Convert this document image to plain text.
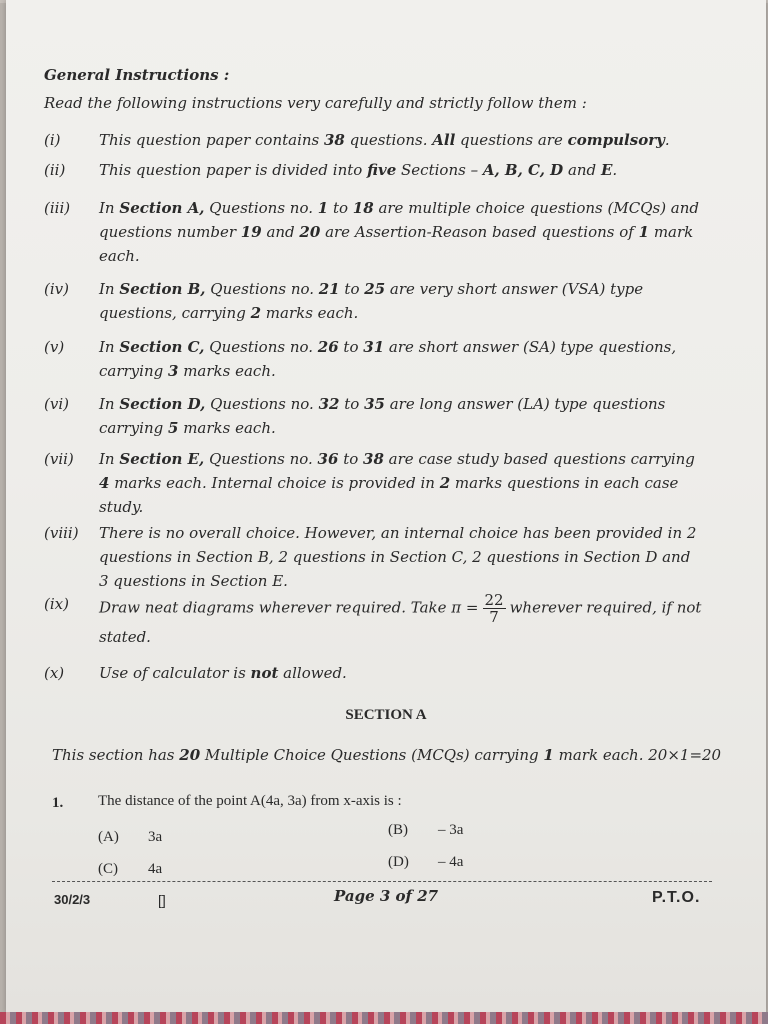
General Instructions :
Read the following instructions very carefully and strictly follow them :
(i)	This question paper contains 38 questions. All questions are compulsory.
(ii)	This question paper is divided into five Sections – A, B, C, D and E.
(iii)	In Section A, Questions no. 1 to 18 are multiple choice questions (MCQs) and questions number 19 and 20 are Assertion-Reason based questions of 1 mark each.
(iv)	In Section B, Questions no. 21 to 25 are very short answer (VSA) type questions, carrying 2 marks each.
(v)	In Section C, Questions no. 26 to 31 are short answer (SA) type questions, carrying 3 marks each.
(vi)	In Section D, Questions no. 32 to 35 are long answer (LA) type questions carrying 5 marks each.
(vii)	In Section E, Questions no. 36 to 38 are case study based questions carrying 4 marks each. Internal choice is provided in 2 marks questions in each case study.
(viii)	There is no overall choice. However, an internal choice has been provided in 2 questions in Section B, 2 questions in Section C, 2 questions in Section D and 3 questions in Section E.
(ix)	Draw neat diagrams wherever required. Take $\pi = \frac{22}{7}$ wherever required, if not stated.
(x)	Use of calculator is not allowed.
SECTION A
This section has 20 Multiple Choice Questions (MCQs) carrying 1 mark each. 20×1=20
1. The distance of the point A(4a, 3a) from x-axis is :
(A) 3a	(B) – 3a
(C) 4a	(D) – 4a
30/2/3	[]	Page 3 of 27	P.T.O.
